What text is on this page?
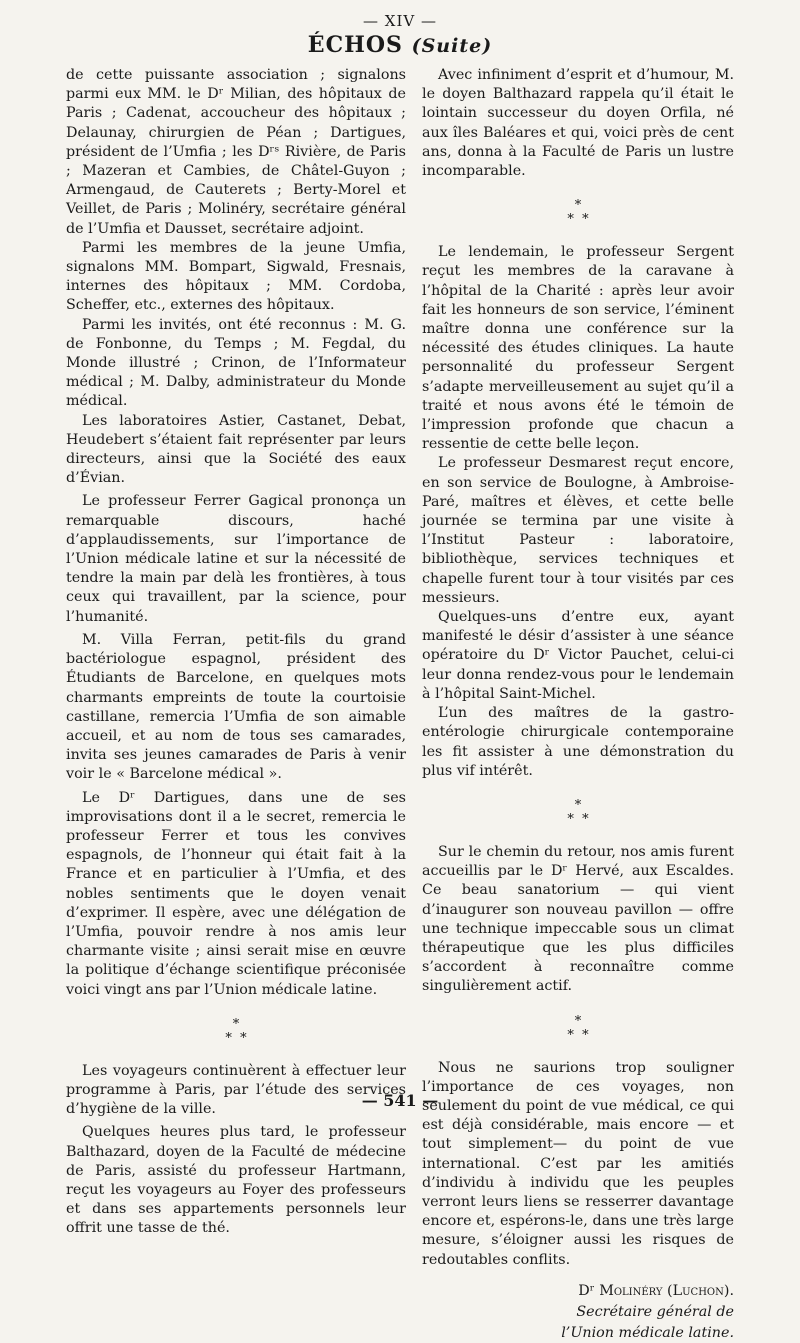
— XIV —
ÉCHOS (Suite)

de cette puissante association ; signalons parmi eux MM. le Dʳ Milian, des hôpitaux de Paris ; Cadenat, accoucheur des hôpitaux ; Delaunay, chirurgien de Péan ; Dartigues, président de l’Umfia ; les Dʳˢ Rivière, de Paris ; Mazeran et Cambies, de Châtel-Guyon ; Armengaud, de Cauterets ; Berty-Morel et Veillet, de Paris ; Molinéry, secrétaire général de l’Umfia et Dausset, secrétaire adjoint.

Parmi les membres de la jeune Umfia, signalons MM. Bompart, Sigwald, Fresnais, internes des hôpitaux ; MM. Cordoba, Scheffer, etc., externes des hôpitaux.

Parmi les invités, ont été reconnus : M. G. de Fonbonne, du Temps ; M. Fegdal, du Monde illustré ; Crinon, de l’Informateur médical ; M. Dalby, administrateur du Monde médical.

Les laboratoires Astier, Castanet, Debat, Heudebert s’étaient fait représenter par leurs directeurs, ainsi que la Société des eaux d’Évian.

Le professeur Ferrer Gagical prononça un remarquable discours, haché d’applaudissements, sur l’importance de l’Union médicale latine et sur la nécessité de tendre la main par delà les frontières, à tous ceux qui travaillent, par la science, pour l’humanité.

M. Villa Ferran, petit-fils du grand bactériologue espagnol, président des Étudiants de Barcelone, en quelques mots charmants empreints de toute la courtoisie castillane, remercia l’Umfia de son aimable accueil, et au nom de tous ses camarades, invita ses jeunes camarades de Paris à venir voir le « Barcelone médical ».

Le Dʳ Dartigues, dans une de ses improvisations dont il a le secret, remercia le professeur Ferrer et tous les convives espagnols, de l’honneur qui était fait à la France et en particulier à l’Umfia, et des nobles sentiments que le doyen venait d’exprimer. Il espère, avec une délégation de l’Umfia, pouvoir rendre à nos amis leur charmante visite ; ainsi serait mise en œuvre la politique d’échange scientifique préconisée voici vingt ans par l’Union médicale latine.

*
* *

Les voyageurs continuèrent à effectuer leur programme à Paris, par l’étude des services d’hygiène de la ville.

Quelques heures plus tard, le professeur Balthazard, doyen de la Faculté de médecine de Paris, assisté du professeur Hartmann, reçut les voyageurs au Foyer des professeurs et dans ses appartements personnels leur offrit une tasse de thé.

Avec infiniment d’esprit et d’humour, M. le doyen Balthazard rappela qu’il était le lointain successeur du doyen Orfila, né aux îles Baléares et qui, voici près de cent ans, donna à la Faculté de Paris un lustre incomparable.

*
* *

Le lendemain, le professeur Sergent reçut les membres de la caravane à l’hôpital de la Charité : après leur avoir fait les honneurs de son service, l’éminent maître donna une conférence sur la nécessité des études cliniques. La haute personnalité du professeur Sergent s’adapte merveilleusement au sujet qu’il a traité et nous avons été le témoin de l’impression profonde que chacun a ressentie de cette belle leçon.

Le professeur Desmarest reçut encore, en son service de Boulogne, à Ambroise-Paré, maîtres et élèves, et cette belle journée se termina par une visite à l’Institut Pasteur : laboratoire, bibliothèque, services techniques et chapelle furent tour à tour visités par ces messieurs.

Quelques-uns d’entre eux, ayant manifesté le désir d’assister à une séance opératoire du Dʳ Victor Pauchet, celui-ci leur donna rendez-vous pour le lendemain à l’hôpital Saint-Michel.

L’un des maîtres de la gastro-entérologie chirurgicale contemporaine les fit assister à une démonstration du plus vif intérêt.

*
* *

Sur le chemin du retour, nos amis furent accueillis par le Dʳ Hervé, aux Escaldes. Ce beau sanatorium — qui vient d’inaugurer son nouveau pavillon — offre une technique impeccable sous un climat thérapeutique que les plus difficiles s’accordent à reconnaître comme singulièrement actif.

*
* *

Nous ne saurions trop souligner l’importance de ces voyages, non seulement du point de vue médical, ce qui est déjà considérable, mais encore — et tout simplement— du point de vue international. C’est par les amitiés d’individu à individu que les peuples verront leurs liens se resserrer davantage encore et, espérons-le, dans une très large mesure, s’éloigner aussi les risques de redoutables conflits.

Dʳ Molinéry (Luchon).
Secrétaire général de
l’Union médicale latine.
— 541 —
